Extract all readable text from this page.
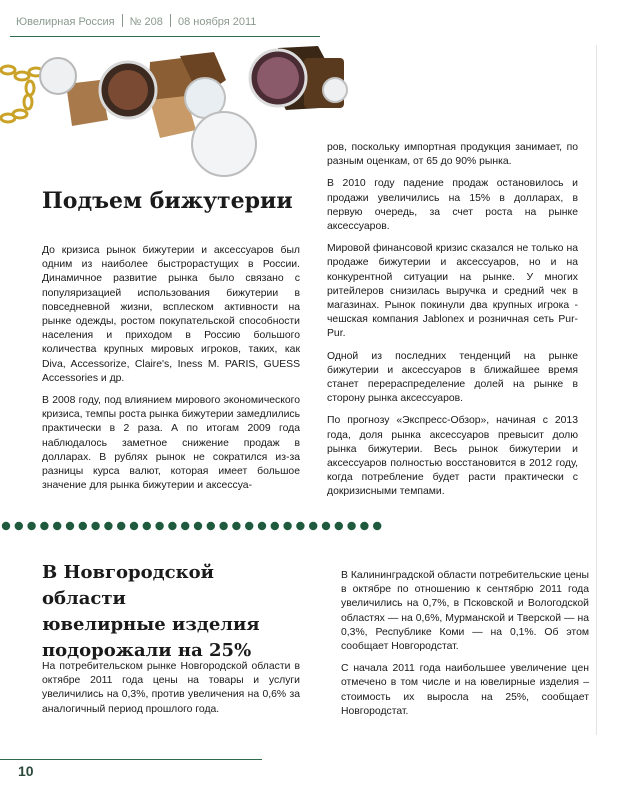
Ювелирная Россия № 208 08 ноября 2011
Подъем бижутерии

До кризиса рынок бижутерии и аксессуаров был одним из наиболее быстрорастущих в России. Динамичное развитие рынка было связано с популяризацией использования бижутерии в повседневной жизни, всплеском активности на рынке одежды, ростом покупательской способности населения и приходом в Россию большого количества крупных мировых игроков, таких, как Diva, Accessorize, Claire's, Iness M. PARIS, GUESS Accessories и др.

В 2008 году, под влиянием мирового экономического кризиса, темпы роста рынка бижутерии замедлились практически в 2 раза. А по итогам 2009 года наблюдалось заметное снижение продаж в долларах. В рублях рынок не сократился из-за разницы курса валют, которая имеет большое значение для рынка бижутерии и аксессуа-

ров, поскольку импортная продукция занимает, по разным оценкам, от 65 до 90% рынка.

В 2010 году падение продаж остановилось и продажи увеличились на 15% в долларах, в первую очередь, за счет роста на рынке аксессуаров.

Мировой финансовой кризис сказался не только на продаже бижутерии и аксессуаров, но и на конкурентной ситуации на рынке. У многих ритейлеров снизилась выручка и средний чек в магазинах. Рынок покинули два крупных игрока - чешская компания Jablonex и розничная сеть Pur-Pur.

Одной из последних тенденций на рынке бижутерии и аксессуаров в ближайшее время станет перераспределение долей на рынке в сторону рынка аксессуаров.

По прогнозу «Экспресс-Обзор», начиная с 2013 года, доля рынка аксессуаров превысит долю рынка бижутерии. Весь рынок бижутерии и аксессуаров полностью восстановится в 2012 году, когда потребление будет расти практически с докризисными темпами.

В Новгородской области
ювелирные изделия
подорожали на 25%

На потребительском рынке Новгородской области в октябре 2011 года цены на товары и услуги увеличились на 0,3%, против увеличения на 0,6% за аналогичный период прошлого года.

В Калининградской области потребительские цены в октябре по отношению к сентябрю 2011 года увеличились на 0,7%, в Псковской и Вологодской областях — на 0,6%, Мурманской и Тверской — на 0,3%, Республике Коми — на 0,1%. Об этом сообщает Новгородстат.

С начала 2011 года наибольшее увеличение цен отмечено в том числе и на ювелирные изделия – стоимость их выросла на 25%, сообщает Новгородстат.

10
